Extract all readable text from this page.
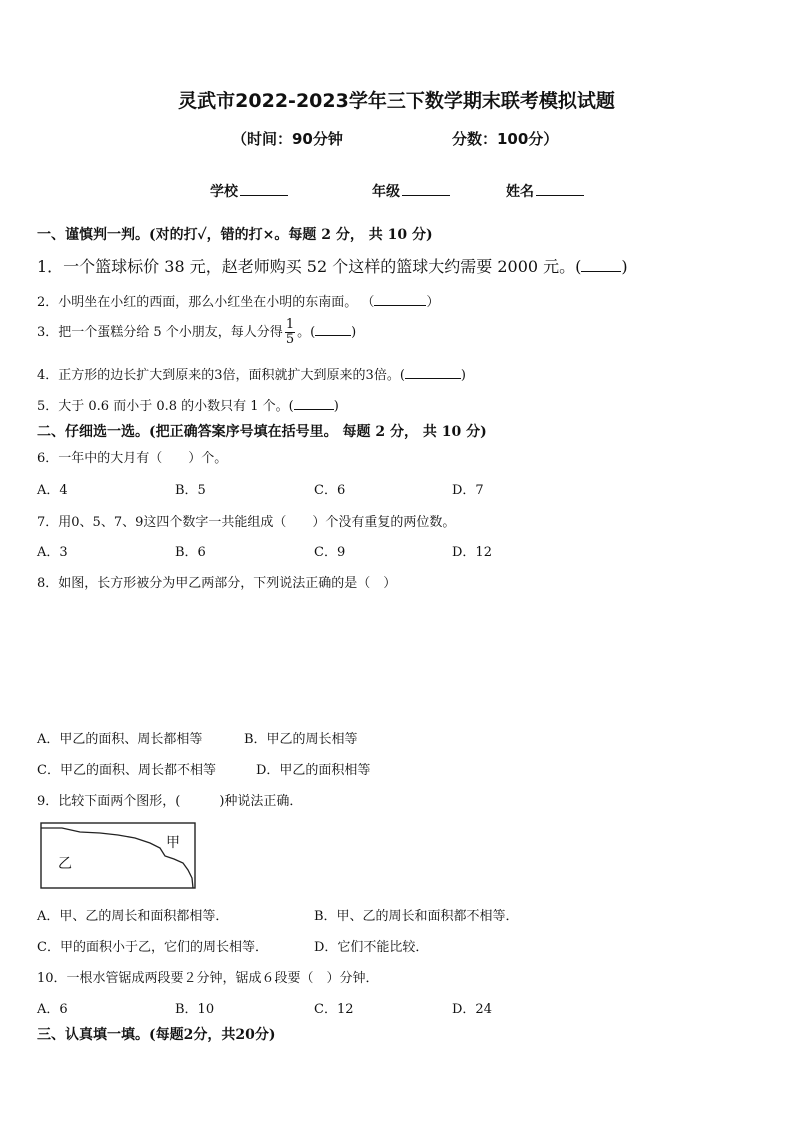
灵武市2022-2023学年三下数学期末联考模拟试题
（时间：90分钟	分数：100分）
学校	年级	姓名
一、谨慎判一判。(对的打✓，错的打×。每题 2 分， 共 10 分)
1．一个篮球标价 38 元，赵老师购买 52 个这样的篮球大约需要 2000 元。(	)
2．小明坐在小红的西面，那么小红坐在小明的东南面。 （	）
3．把一个蛋糕分给 5 个小朋友，每人分得 $\frac{1}{5}$ 。(	)
4．正方形的边长扩大到原来的3倍，面积就扩大到原来的3倍。(	)
5．大于 0.6 而小于 0.8 的小数只有 1 个。(	)
二、仔细选一选。(把正确答案序号填在括号里。 每题 2 分， 共 10 分)
6．一年中的大月有（　　）个。
A．4	B．5	C．6	D．7
7．用0、5、7、9这四个数字一共能组成（　　）个没有重复的两位数。
A．3	B．6	C．9	D．12
8．如图，长方形被分为甲乙两部分，下列说法正确的是（　）
A．甲乙的面积、周长都相等	B．甲乙的周长相等
C．甲乙的面积、周长都不相等	D．甲乙的面积相等
9．比较下面两个图形，(　　　)种说法正确．
甲
乙
A．甲、乙的周长和面积都相等．	B．甲、乙的周长和面积都不相等．
C．甲的面积小于乙，它们的周长相等．	D．它们不能比较．
10．一根水管锯成两段要２分钟，锯成６段要（　）分钟．
A．6	B．10	C．12	D．24
三、认真填一填。(每题2分，共20分)
